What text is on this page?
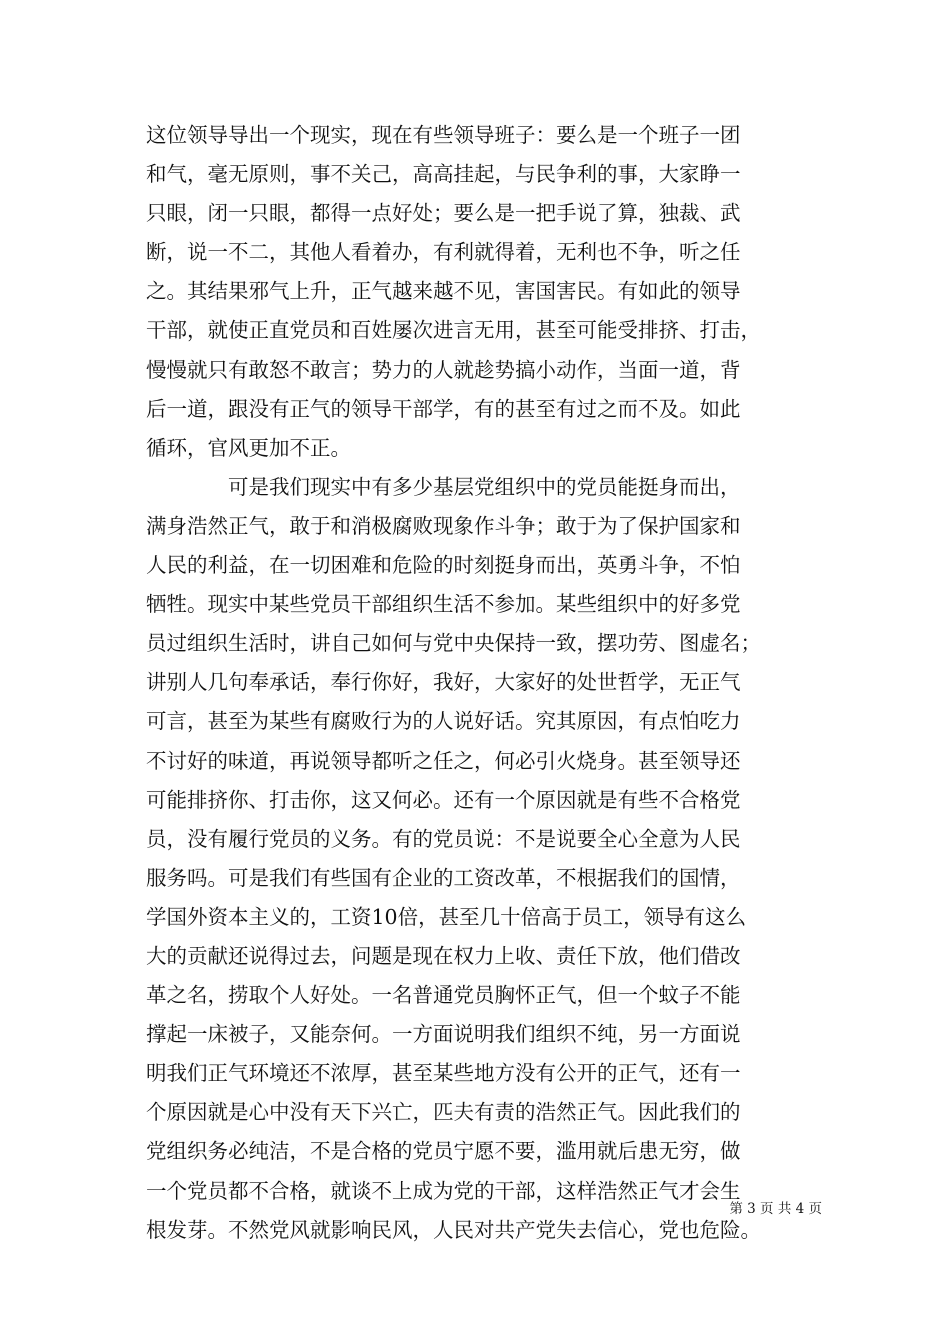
这位领导导出一个现实，现在有些领导班子：要么是一个班子一团
和气，毫无原则，事不关己，高高挂起，与民争利的事，大家睁一
只眼，闭一只眼，都得一点好处；要么是一把手说了算，独裁、武
断，说一不二，其他人看着办，有利就得着，无利也不争，听之任
之。其结果邪气上升，正气越来越不见，害国害民。有如此的领导
干部，就使正直党员和百姓屡次进言无用，甚至可能受排挤、打击，
慢慢就只有敢怒不敢言；势力的人就趁势搞小动作，当面一道，背
后一道，跟没有正气的领导干部学，有的甚至有过之而不及。如此
循环，官风更加不正。
　　　　可是我们现实中有多少基层党组织中的党员能挺身而出，
满身浩然正气，敢于和消极腐败现象作斗争；敢于为了保护国家和
人民的利益，在一切困难和危险的时刻挺身而出，英勇斗争，不怕
牺牲。现实中某些党员干部组织生活不参加。某些组织中的好多党
员过组织生活时，讲自己如何与党中央保持一致，摆功劳、图虚名；
讲别人几句奉承话，奉行你好，我好，大家好的处世哲学，无正气
可言，甚至为某些有腐败行为的人说好话。究其原因，有点怕吃力
不讨好的味道，再说领导都听之任之，何必引火烧身。甚至领导还
可能排挤你、打击你，这又何必。还有一个原因就是有些不合格党
员，没有履行党员的义务。有的党员说：不是说要全心全意为人民
服务吗。可是我们有些国有企业的工资改革，不根据我们的国情，
学国外资本主义的，工资10倍，甚至几十倍高于员工，领导有这么
大的贡献还说得过去，问题是现在权力上收、责任下放，他们借改
革之名，捞取个人好处。一名普通党员胸怀正气，但一个蚊子不能
撑起一床被子，又能奈何。一方面说明我们组织不纯，另一方面说
明我们正气环境还不浓厚，甚至某些地方没有公开的正气，还有一
个原因就是心中没有天下兴亡，匹夫有责的浩然正气。因此我们的
党组织务必纯洁，不是合格的党员宁愿不要，滥用就后患无穷，做
一个党员都不合格，就谈不上成为党的干部，这样浩然正气才会生
根发芽。不然党风就影响民风，人民对共产党失去信心，党也危险。
第 3 页 共 4 页
